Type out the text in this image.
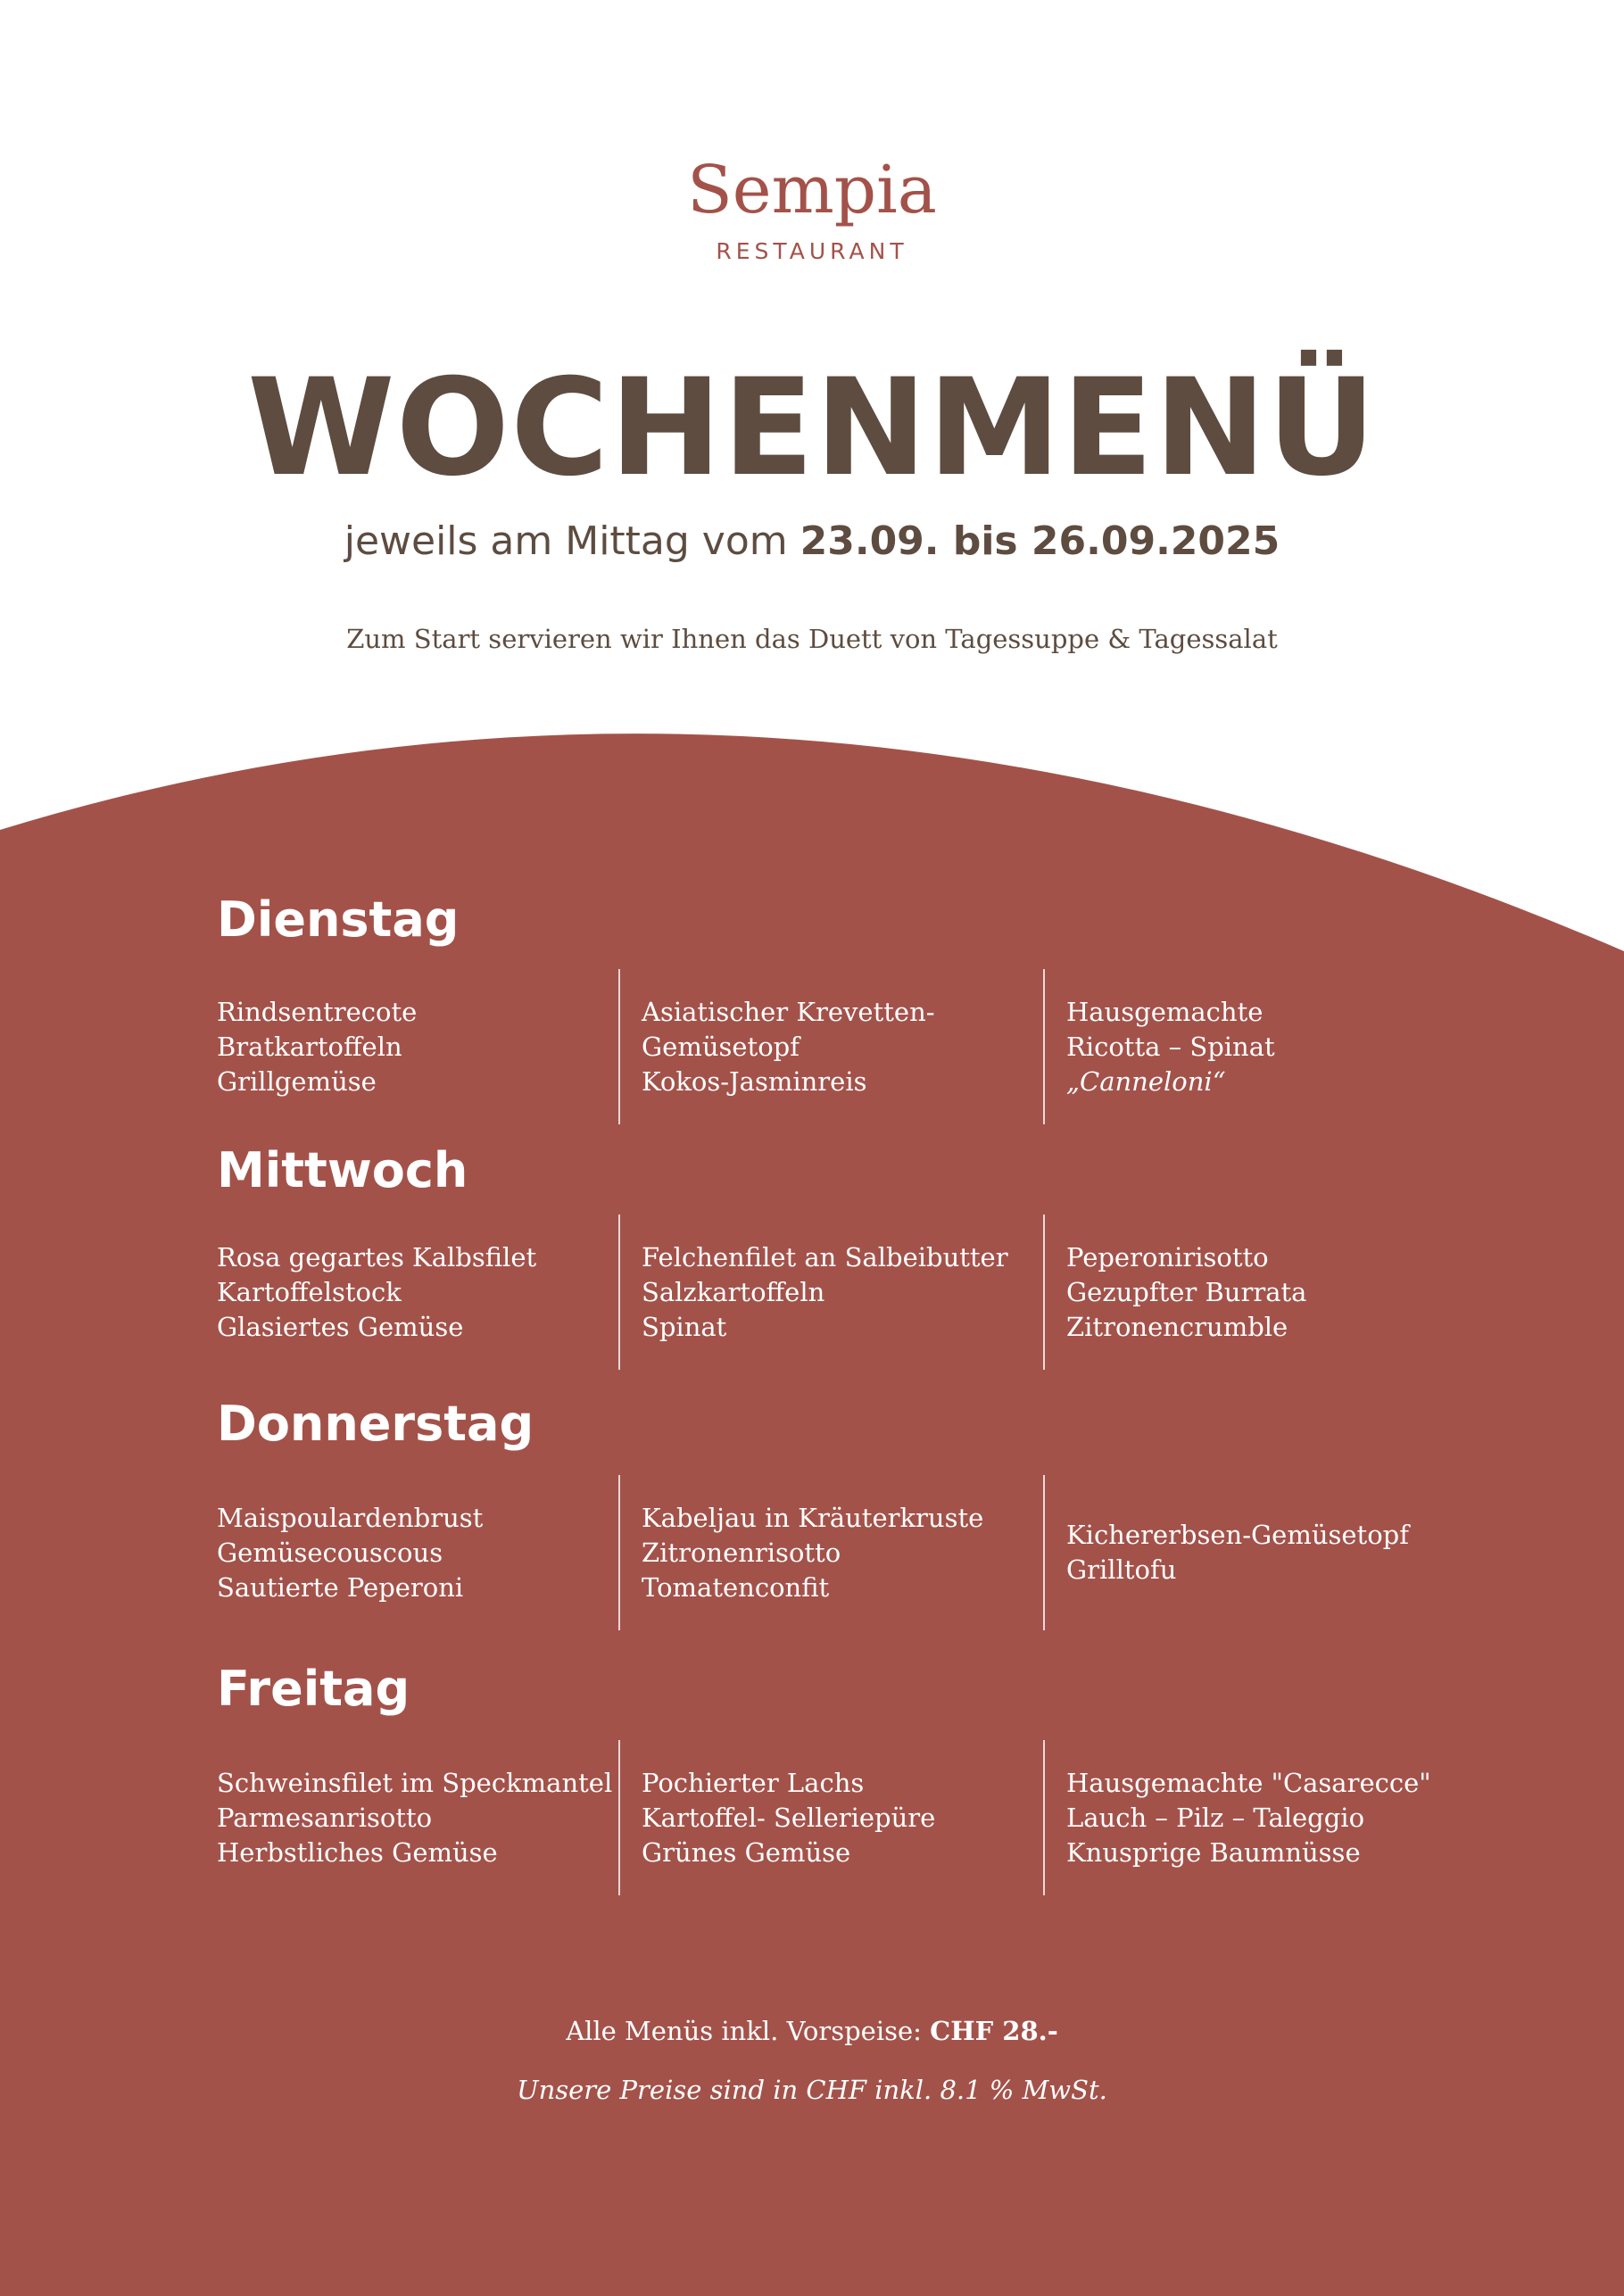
Sempia
RESTAURANT
WOCHENMENÜ
jeweils am Mittag vom 23.09. bis 26.09.2025
Zum Start servieren wir Ihnen das Duett von Tagessuppe & Tagessalat
Dienstag
Rindsentrecote
Bratkartoffeln
Grillgemüse
Asiatischer Krevetten-
Gemüsetopf
Kokos-Jasminreis
Hausgemachte
Ricotta – Spinat
„Canneloni“
Mittwoch
Rosa gegartes Kalbsfilet
Kartoffelstock
Glasiertes Gemüse
Felchenfilet an Salbeibutter
Salzkartoffeln
Spinat
Peperonirisotto
Gezupfter Burrata
Zitronencrumble
Donnerstag
Maispoulardenbrust
Gemüsecouscous
Sautierte Peperoni
Kabeljau in Kräuterkruste
Zitronenrisotto
Tomatenconfit
Kichererbsen-Gemüsetopf
Grilltofu
Freitag
Schweinsfilet im Speckmantel
Parmesanrisotto
Herbstliches Gemüse
Pochierter Lachs
Kartoffel- Selleriepüre
Grünes Gemüse
Hausgemachte "Casarecce"
Lauch – Pilz – Taleggio
Knusprige Baumnüsse
Alle Menüs inkl. Vorspeise: CHF 28.-
Unsere Preise sind in CHF inkl. 8.1 % MwSt.
